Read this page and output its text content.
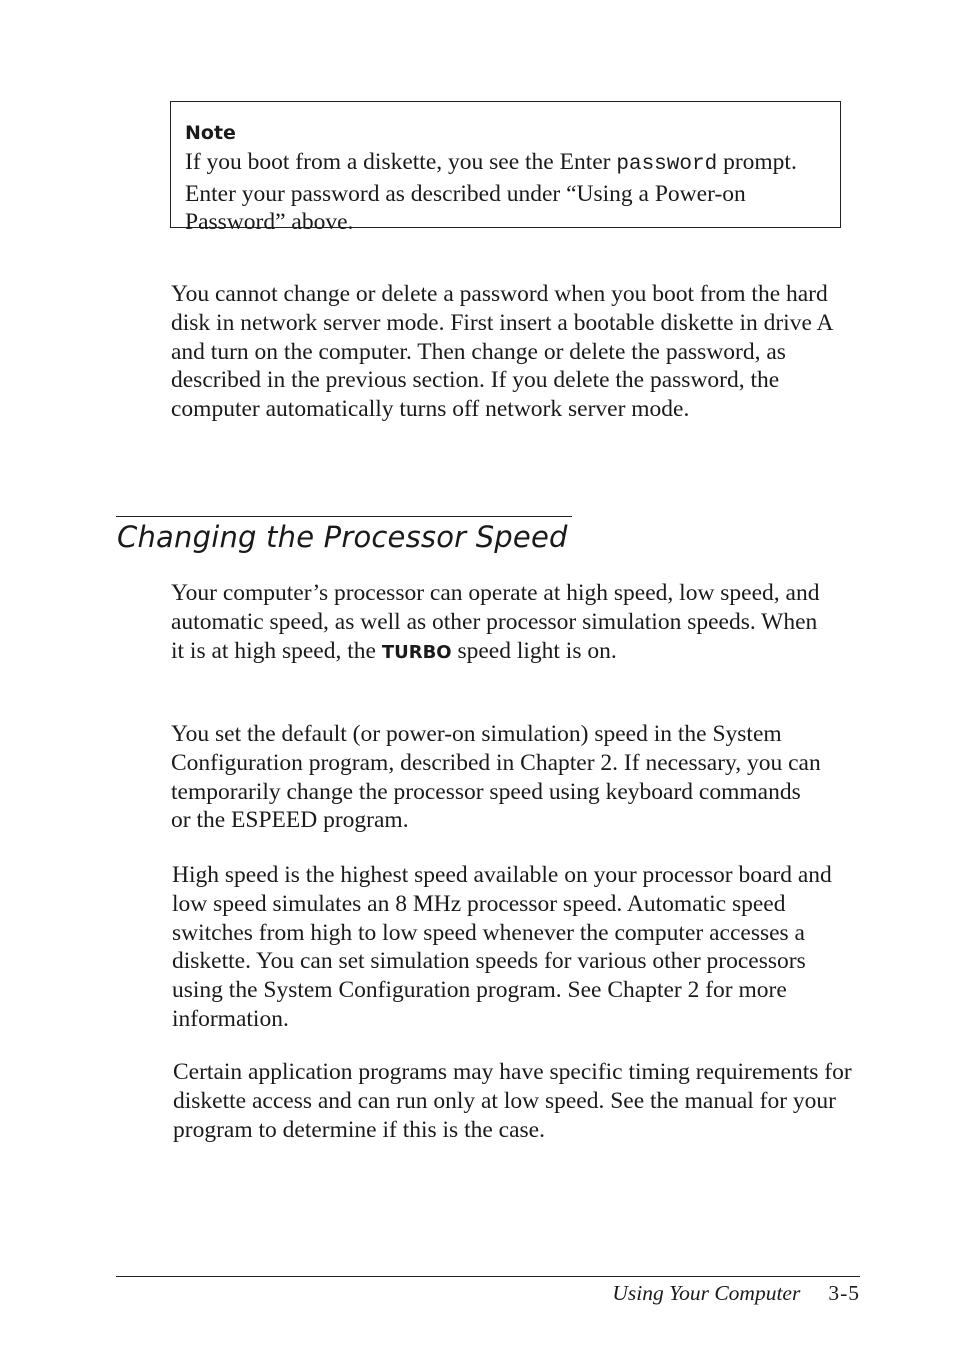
Note

If you boot from a diskette, you see the Enter password prompt. Enter your password as described under “Using a Power-on Password” above.

You cannot change or delete a password when you boot from the hard disk in network server mode. First insert a bootable diskette in drive A and turn on the computer. Then change or delete the password, as described in the previous section. If you delete the password, the computer automatically turns off network server mode.

Changing the Processor Speed

Your computer’s processor can operate at high speed, low speed, and automatic speed, as well as other processor simulation speeds. When it is at high speed, the TURBO speed light is on.

You set the default (or power-on simulation) speed in the System Configuration program, described in Chapter 2. If necessary, you can temporarily change the processor speed using keyboard commands or the ESPEED program.

High speed is the highest speed available on your processor board and low speed simulates an 8 MHz processor speed. Automatic speed switches from high to low speed whenever the computer accesses a diskette. You can set simulation speeds for various other processors using the System Configuration program. See Chapter 2 for more information.

Certain application programs may have specific timing requirements for diskette access and can run only at low speed. See the manual for your program to determine if this is the case.

Using Your Computer 3-5
